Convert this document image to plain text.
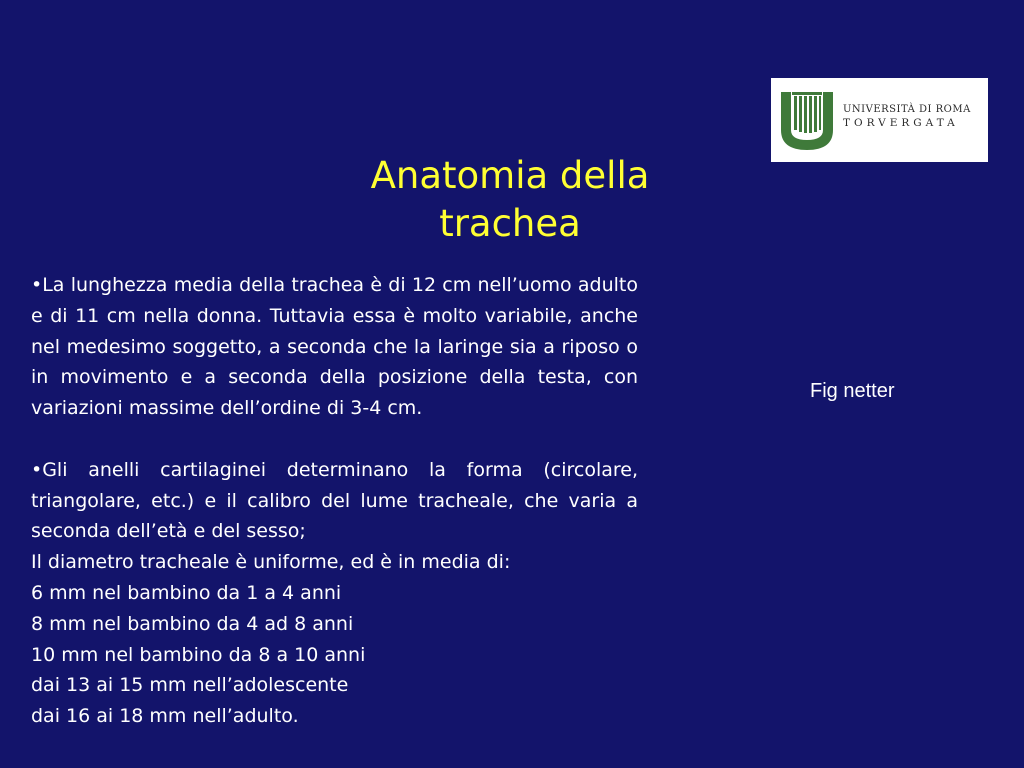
UNIVERSITÀ DI ROMA
TORVERGATA
Anatomia della
trachea

•La lunghezza media della trachea è di 12 cm nell’uomo adulto e di 11 cm nella donna. Tuttavia essa è molto variabile, anche nel medesimo soggetto, a seconda che la laringe sia a riposo o in movimento e a seconda della posizione della testa, con variazioni massime dell’ordine di 3-4 cm.

•Gli anelli cartilaginei determinano la forma (circolare, triangolare, etc.) e il calibro del lume tracheale, che varia a seconda dell’età e del sesso;

Il diametro tracheale è uniforme, ed è in media di:

6 mm nel bambino da 1 a 4 anni

8 mm nel bambino da 4 ad 8 anni

10 mm nel bambino da 8 a 10 anni

dai 13 ai 15 mm nell’adolescente

dai 16 ai 18 mm nell’adulto.

Fig netter
